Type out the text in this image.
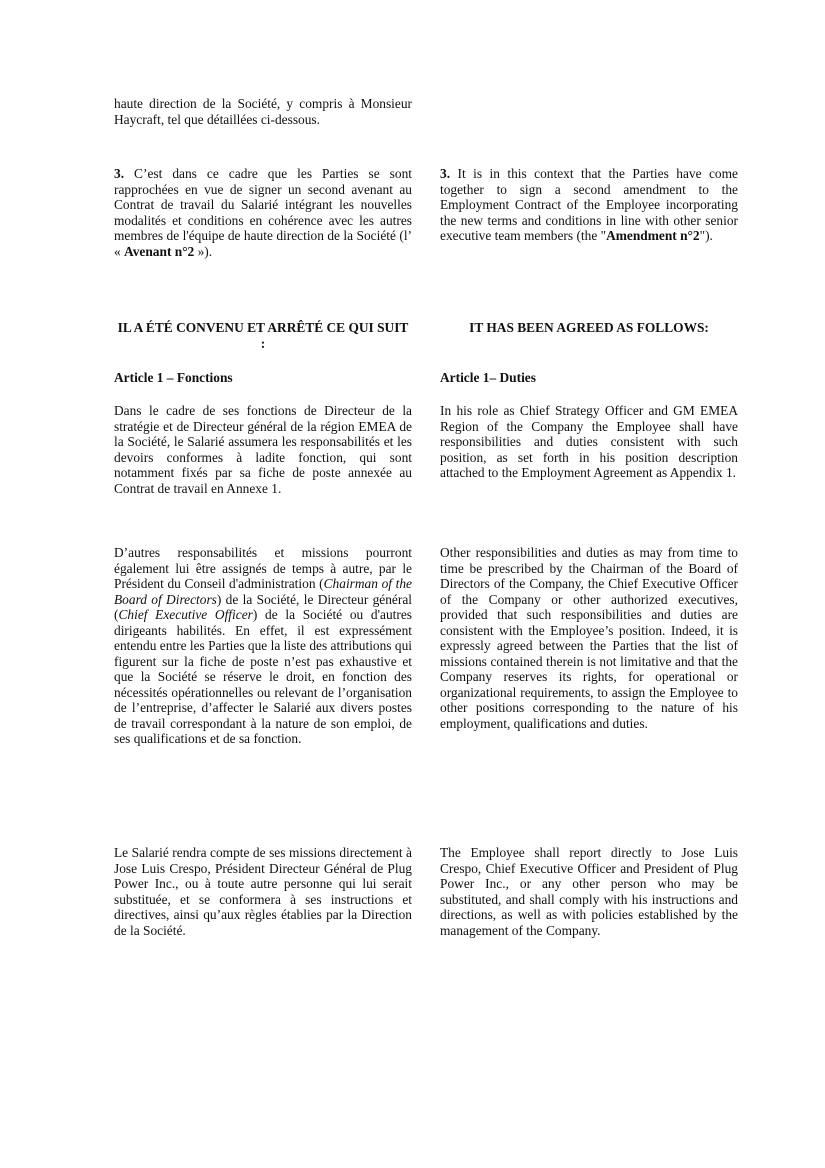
haute direction de la Société, y compris à Monsieur Haycraft, tel que détaillées ci-dessous.

3. C’est dans ce cadre que les Parties se sont rapprochées en vue de signer un second avenant au Contrat de travail du Salarié intégrant les nouvelles modalités et conditions en cohérence avec les autres membres de l'équipe de haute direction de la Société (l’ « Avenant n°2 »).

IL A ÉTÉ CONVENU ET ARRÊTÉ CE QUI SUIT :

Article 1 – Fonctions

Dans le cadre de ses fonctions de Directeur de la stratégie et de Directeur général de la région EMEA de la Société, le Salarié assumera les responsabilités et les devoirs conformes à ladite fonction, qui sont notamment fixés par sa fiche de poste annexée au Contrat de travail en Annexe 1.

D’autres responsabilités et missions pourront également lui être assignés de temps à autre, par le Président du Conseil d'administration (Chairman of the Board of Directors) de la Société, le Directeur général (Chief Executive Officer) de la Société ou d'autres dirigeants habilités. En effet, il est expressément entendu entre les Parties que la liste des attributions qui figurent sur la fiche de poste n’est pas exhaustive et que la Société se réserve le droit, en fonction des nécessités opérationnelles ou relevant de l’organisation de l’entreprise, d’affecter le Salarié aux divers postes de travail correspondant à la nature de son emploi, de ses qualifications et de sa fonction.

Le Salarié rendra compte de ses missions directement à Jose Luis Crespo, Président Directeur Général de Plug Power Inc., ou à toute autre personne qui lui serait substituée, et se conformera à ses instructions et directives, ainsi qu’aux règles établies par la Direction de la Société.

3. It is in this context that the Parties have come together to sign a second amendment to the Employment Contract of the Employee incorporating the new terms and conditions in line with other senior executive team members (the "Amendment n°2").

IT HAS BEEN AGREED AS FOLLOWS:

Article 1– Duties

In his role as Chief Strategy Officer and GM EMEA Region of the Company the Employee shall have responsibilities and duties consistent with such position, as set forth in his position description attached to the Employment Agreement as Appendix 1.

Other responsibilities and duties as may from time to time be prescribed by the Chairman of the Board of Directors of the Company, the Chief Executive Officer of the Company or other authorized executives, provided that such responsibilities and duties are consistent with the Employee’s position. Indeed, it is expressly agreed between the Parties that the list of missions contained therein is not limitative and that the Company reserves its rights, for operational or organizational requirements, to assign the Employee to other positions corresponding to the nature of his employment, qualifications and duties.

The Employee shall report directly to Jose Luis Crespo, Chief Executive Officer and President of Plug Power Inc., or any other person who may be substituted, and shall comply with his instructions and directions, as well as with policies established by the management of the Company.
